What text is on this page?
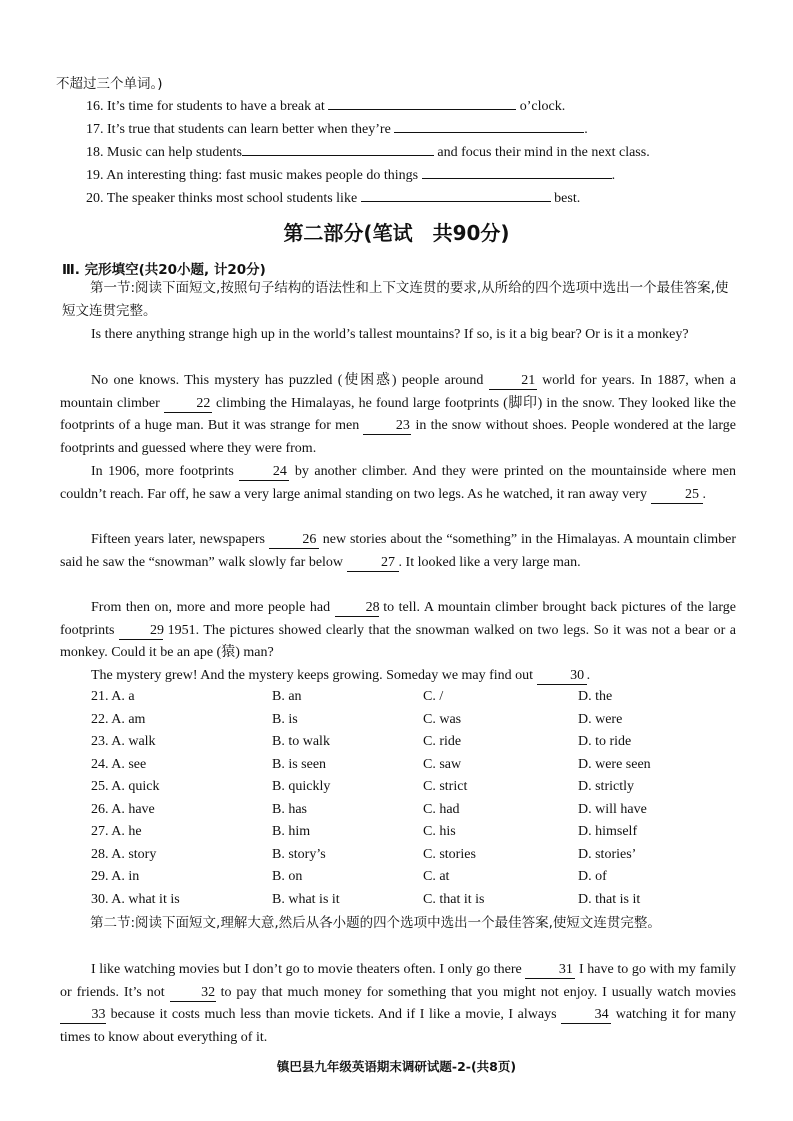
不超过三个单词。)
16. It’s time for students to have a break at	o’clock.
17. It’s true that students can learn better when they’re	.
18. Music can help students	and focus their mind in the next class.
19. An interesting thing: fast music makes people do things	.
20. The speaker thinks most school students like	best.
第二部分(笔试　共90分)
Ⅲ. 完形填空(共20小题, 计20分)
第一节:阅读下面短文,按照句子结构的语法性和上下文连贯的要求,从所给的四个选项中选出一个最佳答案,使短文连贯完整。
Is there anything strange high up in the world’s tallest mountains? If so, is it a big bear? Or is it a monkey?
No one knows. This mystery has puzzled (使困惑) people around	21 world for years. In 1887, when a mountain climber	22 climbing the Himalayas, he found large footprints (脚印) in the snow. They looked like the footprints of a huge man. But it was strange for men	23 in the snow without shoes. People wondered at the large footprints and guessed where they were from.
In 1906, more footprints	24 by another climber. And they were printed on the mountainside where men couldn’t reach. Far off, he saw a very large animal standing on two legs. As he watched, it ran away very	25 .
Fifteen years later, newspapers	26 new stories about the “something” in the Himalayas. A mountain climber said he saw the “snowman” walk slowly far below	27 . It looked like a very large man.
From then on, more and more people had	28 to tell. A mountain climber brought back pictures of the large footprints	29 1951. The pictures showed clearly that the snowman walked on two legs. So it was not a bear or a monkey. Could it be an ape (猿) man?
The mystery grew! And the mystery keeps growing. Someday we may find out	30 .
21. A. a	B. an	C. /	D. the
22. A. am	B. is	C. was	D. were
23. A. walk	B. to walk	C. ride	D. to ride
24. A. see	B. is seen	C. saw	D. were seen
25. A. quick	B. quickly	C. strict	D. strictly
26. A. have	B. has	C. had	D. will have
27. A. he	B. him	C. his	D. himself
28. A. story	B. story’s	C. stories	D. stories’
29. A. in	B. on	C. at	D. of
30. A. what it is	B. what is it	C. that it is	D. that is it
第二节:阅读下面短文,理解大意,然后从各小题的四个选项中选出一个最佳答案,使短文连贯完整。
I like watching movies but I don’t go to movie theaters often. I only go there	31 I have to go with my family or friends. It’s not	32 to pay that much money for something that you might not enjoy. I usually watch movies 33 because it costs much less than movie tickets. And if I like a movie, I always	34 watching it for many times to know about everything of it.
镇巴县九年级英语期末调研试题-2-(共8页)
